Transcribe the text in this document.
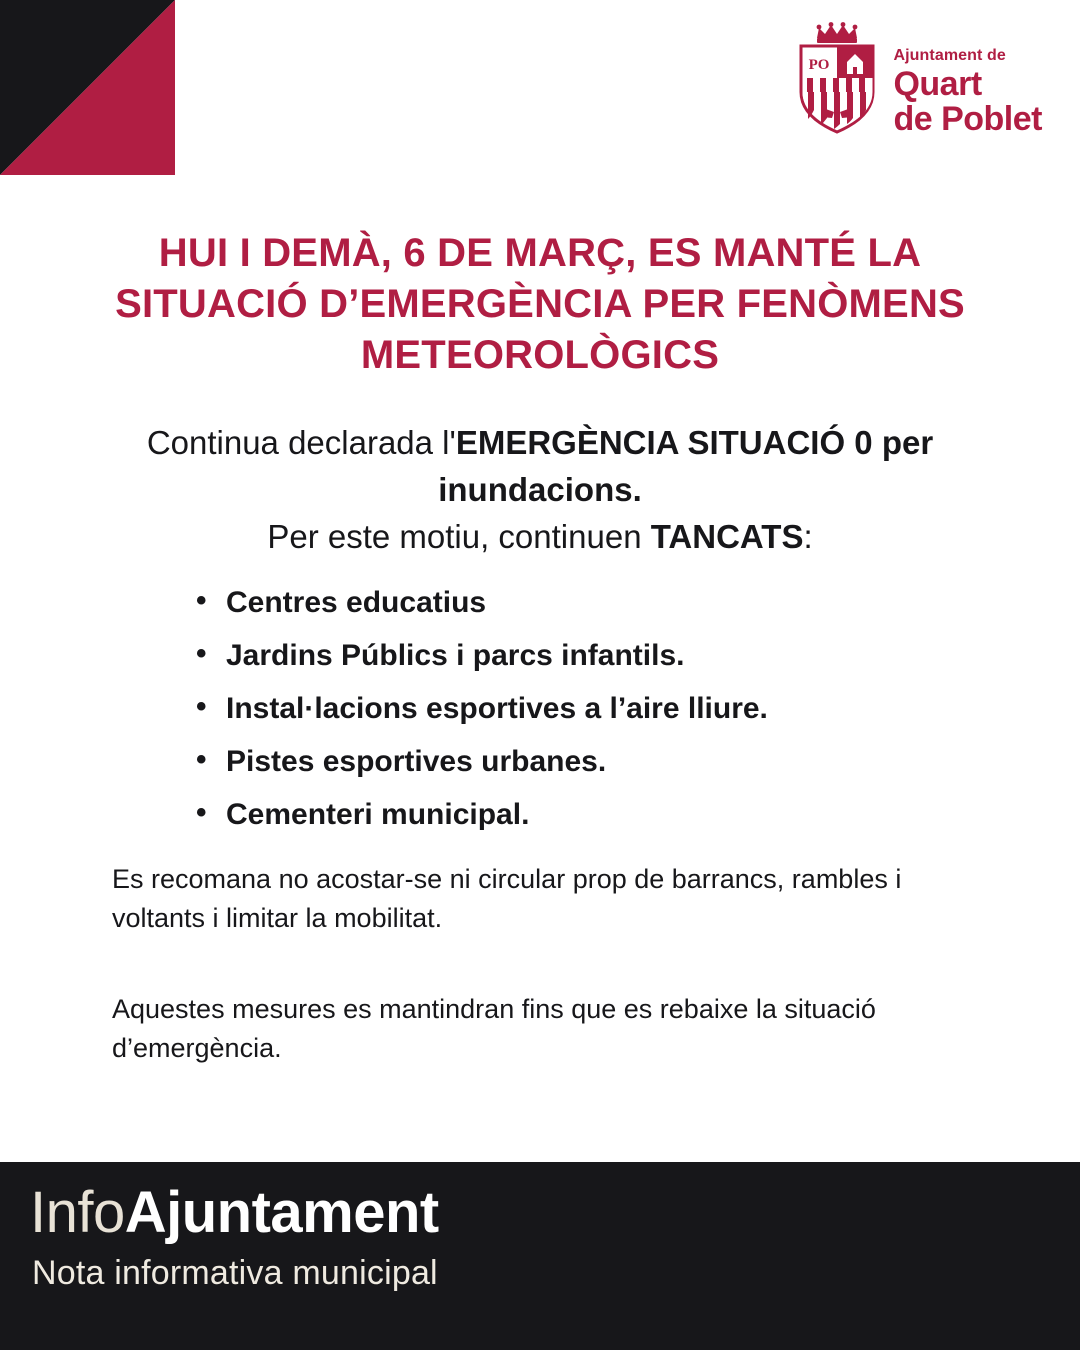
PO
Ajuntament de
Quart
de Poblet
HUI I DEMÀ, 6 DE MARÇ, ES MANTÉ LA SITUACIÓ D’EMERGÈNCIA PER FENÒMENS METEOROLÒGICS
Continua declarada l'EMERGÈNCIA SITUACIÓ 0 per inundacions.
Per este motiu, continuen TANCATS:
• Centres educatius
• Jardins Públics i parcs infantils.
• Instal·lacions esportives a l’aire lliure.
• Pistes esportives urbanes.
• Cementeri municipal.

Es recomana no acostar-se ni circular prop de barrancs, rambles i voltants i limitar la mobilitat.

Aquestes mesures es mantindran fins que es rebaixe la situació d’emergència.

InfoAjuntament
Nota informativa municipal
